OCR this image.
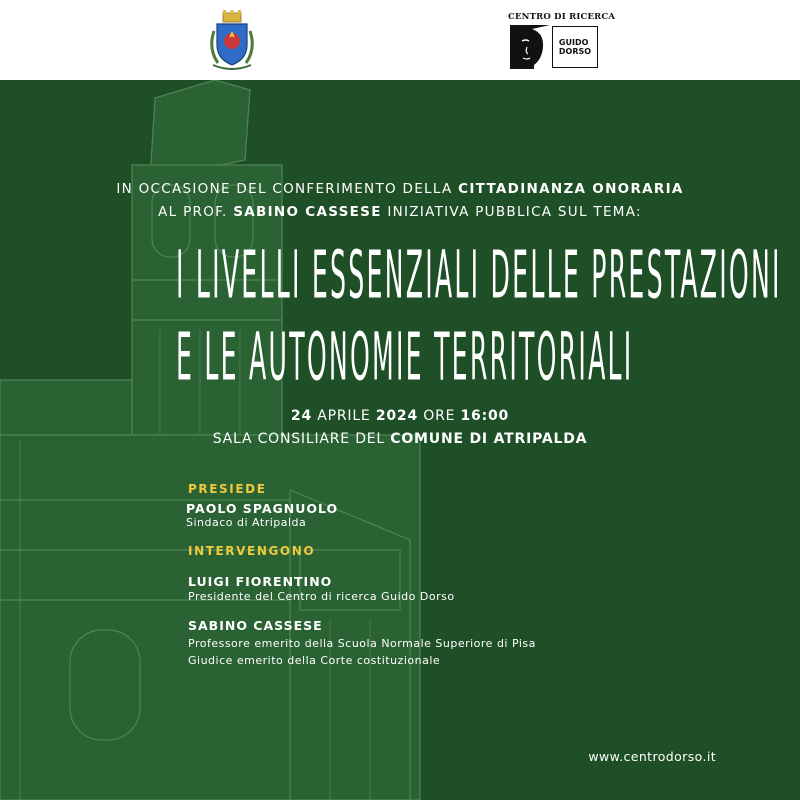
CENTRO DI RICERCA
GUIDO
DORSO
IN OCCASIONE DEL CONFERIMENTO DELLA CITTADINANZA ONORARIA
AL PROF. SABINO CASSESE INIZIATIVA PUBBLICA SUL TEMA:
I LIVELLI ESSENZIALI DELLE PRESTAZIONI
E LE AUTONOMIE TERRITORIALI
24 APRILE 2024 ORE 16:00
SALA CONSILIARE DEL COMUNE DI ATRIPALDA
PRESIEDE
PAOLO SPAGNUOLO
Sindaco di Atripalda
INTERVENGONO
LUIGI FIORENTINO
Presidente del Centro di ricerca Guido Dorso
SABINO CASSESE
Professore emerito della Scuola Normale Superiore di Pisa
Giudice emerito della Corte costituzionale
www.centrodorso.it
